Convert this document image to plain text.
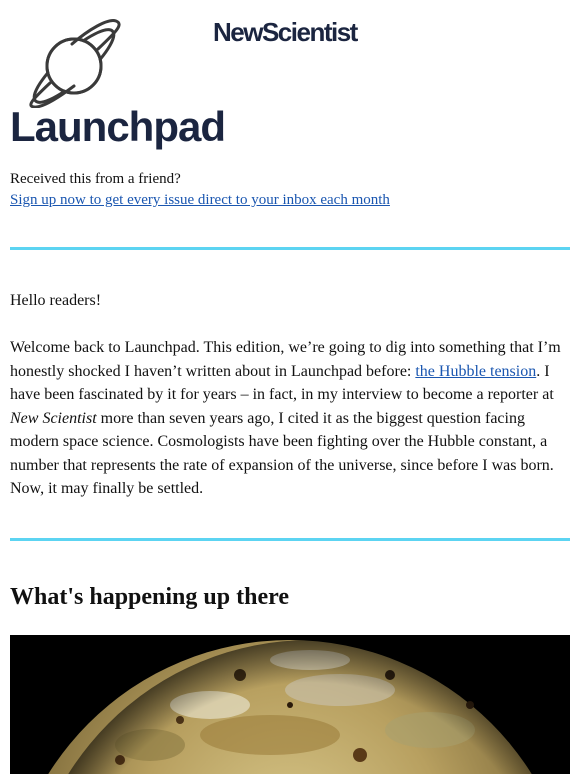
NewScientist
Launchpad
Received this from a friend?
Sign up now to get every issue direct to your inbox each month
Hello readers!

Welcome back to Launchpad. This edition, we’re going to dig into something that I’m honestly shocked I haven’t written about in Launchpad before: the Hubble tension. I have been fascinated by it for years – in fact, in my interview to become a reporter at New Scientist more than seven years ago, I cited it as the biggest question facing modern space science. Cosmologists have been fighting over the Hubble constant, a number that represents the rate of expansion of the universe, since before I was born. Now, it may finally be settled.

What's happening up there
